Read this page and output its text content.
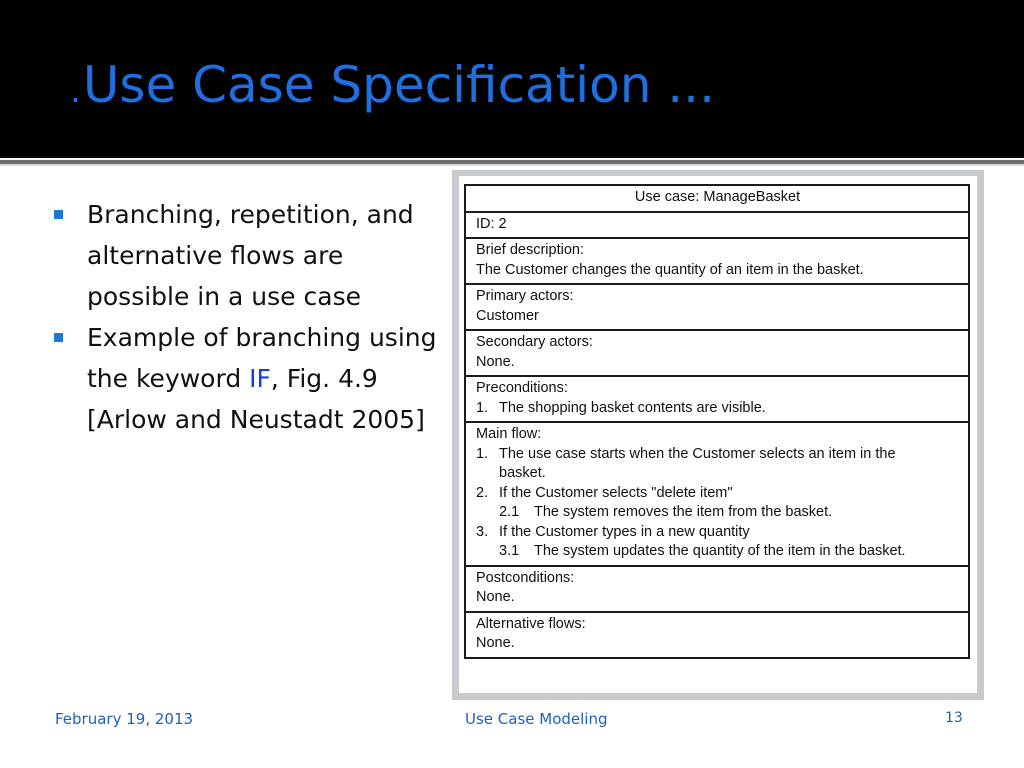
.Use Case Specification ...
Branching, repetition, and alternative flows are possible in a use case
Example of branching using the keyword IF, Fig. 4.9 [Arlow and Neustadt 2005]
Use case: ManageBasket
ID: 2

Brief description:
The Customer changes the quantity of an item in the basket.

Primary actors:
Customer

Secondary actors:
None.

Preconditions:
1. The shopping basket contents are visible.

Main flow:
1. The use case starts when the Customer selects an item in the
basket.
2. If the Customer selects "delete item"
2.1 The system removes the item from the basket.
3. If the Customer types in a new quantity
3.1 The system updates the quantity of the item in the basket.

Postconditions:
None.

Alternative flows:
None.
February 19, 2013	Use Case Modeling	13
